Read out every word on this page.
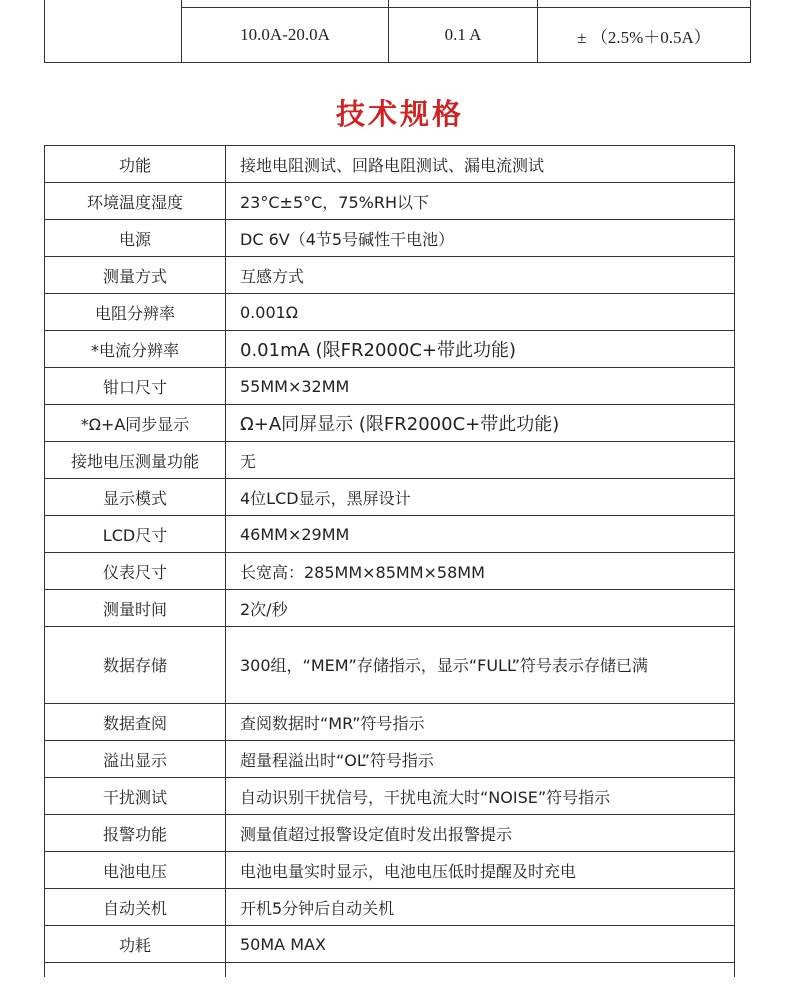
	10.0A-20.0A	0.1 A	± （2.5%＋0.5A）
技术规格
功能	接地电阻测试、回路电阻测试、漏电流测试
环境温度湿度	23°C±5°C，75%RH以下
电源	DC 6V（4节5号碱性干电池）
测量方式	互感方式
电阻分辨率	0.001Ω
*电流分辨率	0.01mA (限FR2000C+带此功能)
钳口尺寸	55MM×32MM
*Ω+A同步显示	Ω+A同屏显示 (限FR2000C+带此功能)
接地电压测量功能	无
显示模式	4位LCD显示，黑屏设计
LCD尺寸	46MM×29MM
仪表尺寸	长宽高：285MM×85MM×58MM
测量时间	2次/秒
数据存储	300组，“MEM”存储指示，显示“FULL”符号表示存储已满
数据查阅	查阅数据时“MR”符号指示
溢出显示	超量程溢出时“OL”符号指示
干扰测试	自动识别干扰信号，干扰电流大时“NOISE”符号指示
报警功能	测量值超过报警设定值时发出报警提示
电池电压	电池电量实时显示，电池电压低时提醒及时充电
自动关机	开机5分钟后自动关机
功耗	50MA MAX
